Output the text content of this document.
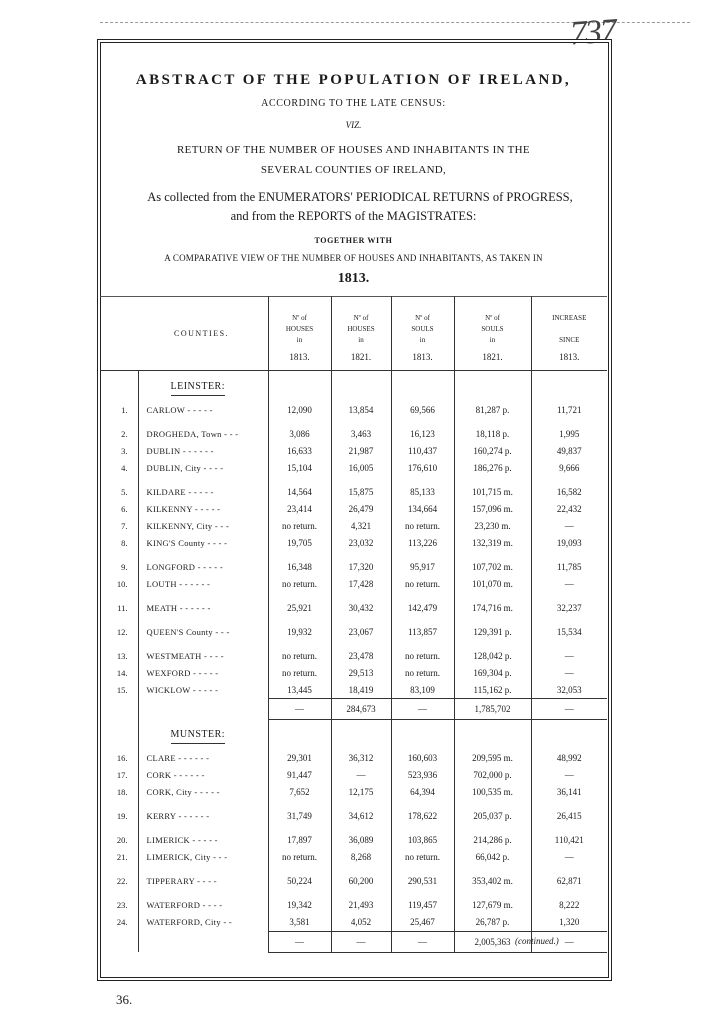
737
ABSTRACT OF THE POPULATION OF IRELAND,
ACCORDING TO THE LATE CENSUS:
VIZ.
RETURN OF THE NUMBER OF HOUSES AND INHABITANTS IN THE
SEVERAL COUNTIES OF IRELAND,
As collected from the ENUMERATORS' PERIODICAL RETURNS of PROGRESS,
and from the REPORTS of the MAGISTRATES:
TOGETHER WITH
A COMPARATIVE VIEW OF THE NUMBER OF HOUSES AND INHABITANTS, AS TAKEN IN
1813.
COUNTIES.		Nº of
HOUSES
in
1813.	Nº of
HOUSES
in
1821.	Nº of
SOULS
in
1813.	Nº of
SOULS
in
1821.	INCREASE

SINCE
1813.
	LEINSTER:					
1.	CARLOW - - - - -	12,090	13,854	69,566	81,287 p.	11,721

2.	DROGHEDA, Town - - -	3,086	3,463	16,123	18,118 p.	1,995
3.	DUBLIN - - - - - -	16,633	21,987	110,437	160,274 p.	49,837
4.	DUBLIN, City - - - -	15,104	16,005	176,610	186,276 p.	9,666

5.	KILDARE - - - - -	14,564	15,875	85,133	101,715 m.	16,582
6.	KILKENNY - - - - -	23,414	26,479	134,664	157,096 m.	22,432
7.	KILKENNY, City - - -	no return.	4,321	no return.	23,230 m.	—
8.	KING'S County - - - -	19,705	23,032	113,226	132,319 m.	19,093

9.	LONGFORD - - - - -	16,348	17,320	95,917	107,702 m.	11,785
10.	LOUTH - - - - - -	no return.	17,428	no return.	101,070 m.	—

11.	MEATH - - - - - -	25,921	30,432	142,479	174,716 m.	32,237

12.	QUEEN'S County - - -	19,932	23,067	113,857	129,391 p.	15,534

13.	WESTMEATH - - - -	no return.	23,478	no return.	128,042 p.	—
14.	WEXFORD - - - - -	no return.	29,513	no return.	169,304 p.	—
15.	WICKLOW - - - - -	13,445	18,419	83,109	115,162 p.	32,053
		—	284,673	—	1,785,702	—
	MUNSTER:					
16.	CLARE - - - - - -	29,301	36,312	160,603	209,595 m.	48,992
17.	CORK - - - - - -	91,447	—	523,936	702,000 p.	—
18.	CORK, City - - - - -	7,652	12,175	64,394	100,535 m.	36,141

19.	KERRY - - - - - -	31,749	34,612	178,622	205,037 p.	26,415

20.	LIMERICK - - - - -	17,897	36,089	103,865	214,286 p.	110,421
21.	LIMERICK, City - - -	no return.	8,268	no return.	66,042 p.	—

22.	TIPPERARY - - - -	50,224	60,200	290,531	353,402 m.	62,871

23.	WATERFORD - - - -	19,342	21,493	119,457	127,679 m.	8,222
24.	WATERFORD, City - -	3,581	4,052	25,467	26,787 p.	1,320
		—	—	—	2,005,363	—
(continued.)
36.
